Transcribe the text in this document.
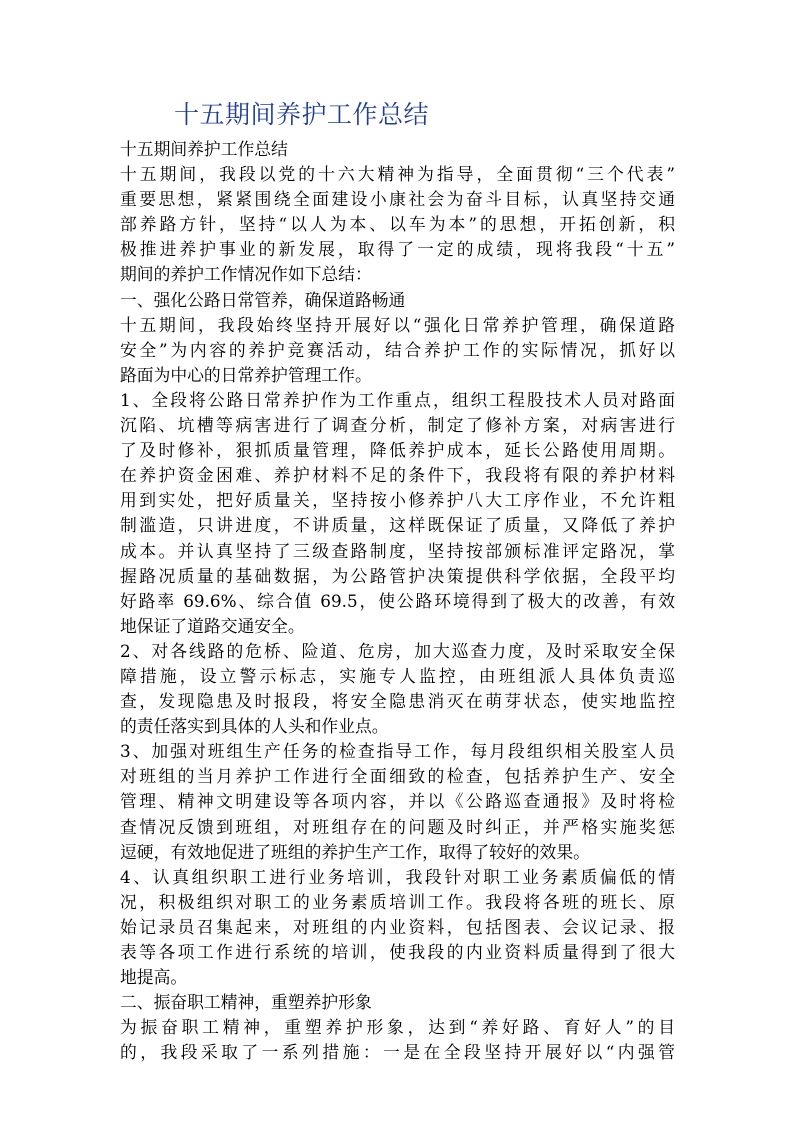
十五期间养护工作总结
十五期间养护工作总结
十五期间，我段以党的十六大精神为指导，全面贯彻“三个代表”
重要思想，紧紧围绕全面建设小康社会为奋斗目标，认真坚持交通
部养路方针，坚持“以人为本、以车为本”的思想，开拓创新，积
极推进养护事业的新发展，取得了一定的成绩，现将我段“十五”
期间的养护工作情况作如下总结：
一、强化公路日常管养，确保道路畅通
十五期间，我段始终坚持开展好以“强化日常养护管理，确保道路
安全”为内容的养护竞赛活动，结合养护工作的实际情况，抓好以
路面为中心的日常养护管理工作。
1、全段将公路日常养护作为工作重点，组织工程股技术人员对路面
沉陷、坑槽等病害进行了调查分析，制定了修补方案，对病害进行
了及时修补，狠抓质量管理，降低养护成本，延长公路使用周期。
在养护资金困难、养护材料不足的条件下，我段将有限的养护材料
用到实处，把好质量关，坚持按小修养护八大工序作业，不允许粗
制滥造，只讲进度，不讲质量，这样既保证了质量，又降低了养护
成本。并认真坚持了三级查路制度，坚持按部颁标准评定路况，掌
握路况质量的基础数据，为公路管护决策提供科学依据，全段平均
好路率 69.6%、综合值 69.5，使公路环境得到了极大的改善，有效
地保证了道路交通安全。
2、对各线路的危桥、险道、危房，加大巡查力度，及时采取安全保
障措施，设立警示标志，实施专人监控，由班组派人具体负责巡
查，发现隐患及时报段，将安全隐患消灭在萌芽状态，使实地监控
的责任落实到具体的人头和作业点。
3、加强对班组生产任务的检查指导工作，每月段组织相关股室人员
对班组的当月养护工作进行全面细致的检查，包括养护生产、安全
管理、精神文明建设等各项内容，并以《公路巡查通报》及时将检
查情况反馈到班组，对班组存在的问题及时纠正，并严格实施奖惩
逗硬，有效地促进了班组的养护生产工作，取得了较好的效果。
4、认真组织职工进行业务培训，我段针对职工业务素质偏低的情
况，积极组织对职工的业务素质培训工作。我段将各班的班长、原
始记录员召集起来，对班组的内业资料，包括图表、会议记录、报
表等各项工作进行系统的培训，使我段的内业资料质量得到了很大
地提高。
二、振奋职工精神，重塑养护形象
为振奋职工精神，重塑养护形象，达到“养好路、育好人”的目
的，我段采取了一系列措施：一是在全段坚持开展好以“内强管
